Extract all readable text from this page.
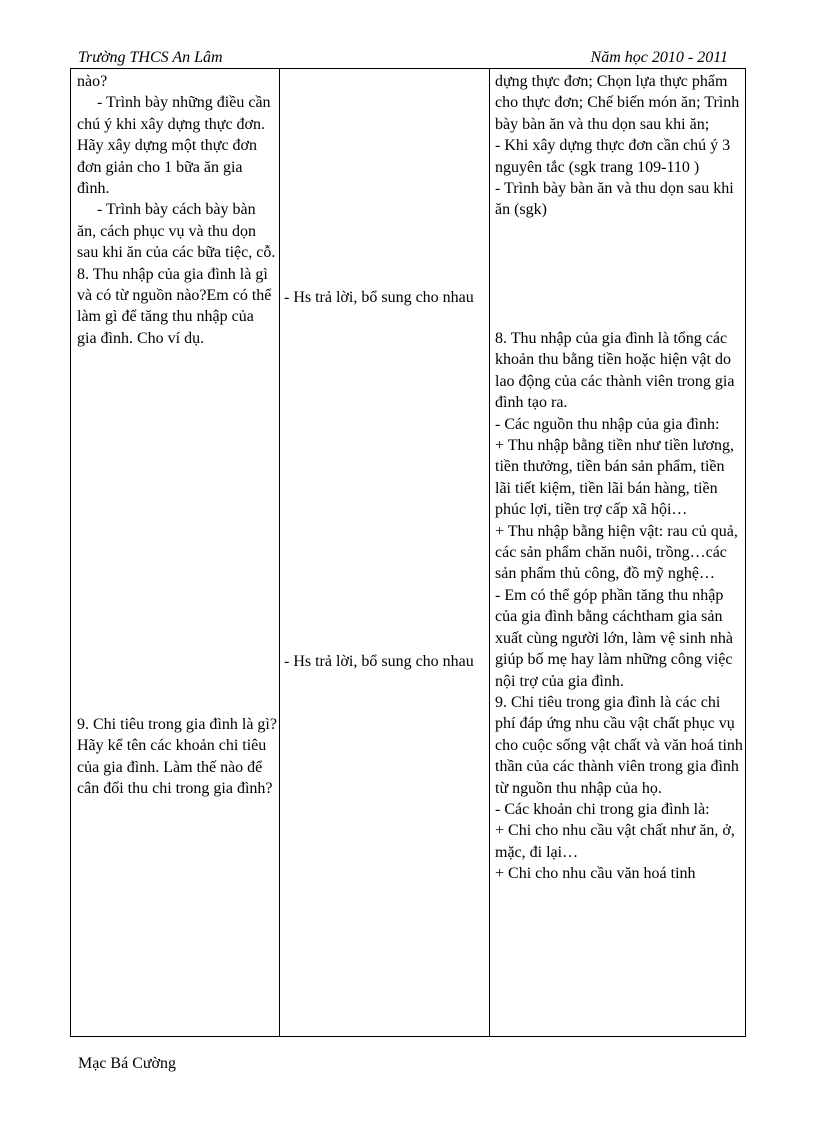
Trường THCS An Lâm	Năm học 2010 - 2011

nào?

- Trình bày những điều cần chú ý khi xây dựng thực đơn. Hãy xây dựng một thực đơn đơn giản cho 1 bữa ăn gia đình.

- Trình bày cách bày bàn ăn, cách phục vụ và thu dọn sau khi ăn của các bữa tiệc, cỗ.

8. Thu nhập của gia đình là gì và có từ nguồn nào?Em có thể làm gì để tăng thu nhập của gia đình. Cho ví dụ.

9. Chi tiêu trong gia đình là gì? Hãy kể tên các khoản chi tiêu của gia đình. Làm thế nào để cân đối thu chi trong gia đình?

- Hs trả lời, bổ sung cho nhau

- Hs trả lời, bổ sung cho nhau

dựng thực đơn; Chọn lựa thực phẩm cho thực đơn; Chế biến món ăn; Trình bày bàn ăn và thu dọn sau khi ăn;

- Khi xây dựng thực đơn cần chú ý 3 nguyên tắc (sgk trang 109-110 )

- Trình bày bàn ăn và thu dọn sau khi ăn (sgk)

8. Thu nhập của gia đình là tổng các khoản thu bằng tiền hoặc hiện vật do lao động của các thành viên trong gia đình tạo ra.

- Các nguồn thu nhập của gia đình:

+ Thu nhập bằng tiền như tiền lương, tiền thưởng, tiền bán sản phẩm, tiền lãi tiết kiệm, tiền lãi bán hàng, tiền phúc lợi, tiền trợ cấp xã hội…

+ Thu nhập bằng hiện vật: rau củ quả, các sản phẩm chăn nuôi, trồng…các sản phẩm thủ công, đồ mỹ nghệ…

- Em có thể góp phần tăng thu nhập của gia đình bằng cáchtham gia sản xuất cùng người lớn, làm vệ sinh nhà giúp bố mẹ hay làm những công việc nội trợ của gia đình.

9. Chi tiêu trong gia đình là các chi phí đáp ứng nhu cầu vật chất phục vụ cho cuộc sống vật chất và văn hoá tinh thần của các thành viên trong gia đình từ nguồn thu nhập của họ.

- Các khoản chi trong gia đình là:

+ Chi cho nhu cầu vật chất như ăn, ở, mặc, đi lại…

+ Chi cho nhu cầu văn hoá tinh

Mạc Bá Cường
